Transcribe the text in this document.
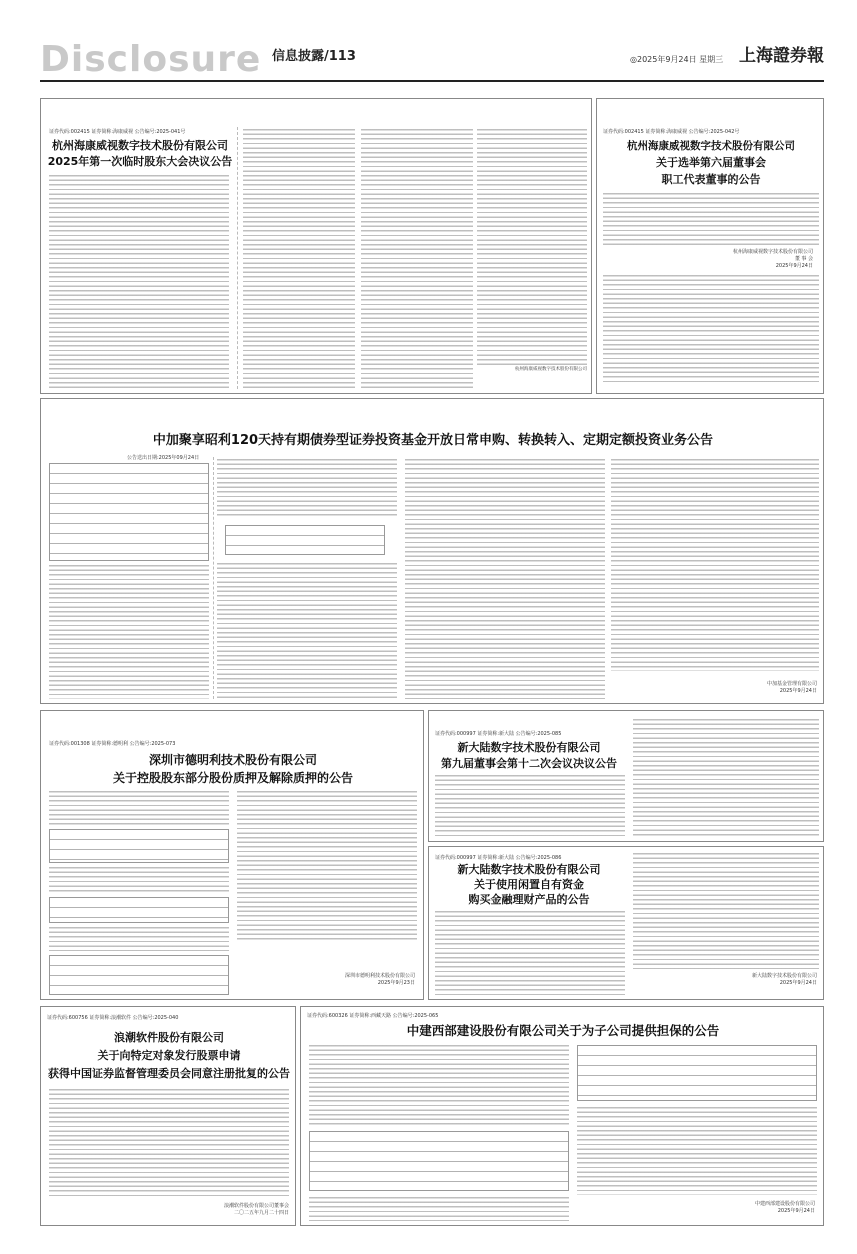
Disclosure 信息披露/113	◎2025年9月24日 星期三 上海證券報
证券代码:002415 证券简称:海康威视 公告编号:2025-041号
杭州海康威视数字技术股份有限公司
2025年第一次临时股东大会决议公告
杭州海康威视数字技术股份有限公司
证券代码:002415 证券简称:海康威视 公告编号:2025-042号
杭州海康威视数字技术股份有限公司
关于选举第六届董事会
职工代表董事的公告
杭州海康威视数字技术股份有限公司
董 事 会
2025年9月24日
中加聚享昭利120天持有期债券型证券投资基金开放日常申购、转换转入、定期定额投资业务公告
公告送出日期:2025年09月24日
中加基金管理有限公司
2025年9月24日
证券代码:001308 证券简称:德明利 公告编号:2025-073
深圳市德明利技术股份有限公司
关于控股股东部分股份质押及解除质押的公告
深圳市德明利技术股份有限公司
2025年9月23日
证券代码:000997 证券简称:新大陆 公告编号:2025-085
新大陆数字技术股份有限公司
第九届董事会第十二次会议决议公告
证券代码:000997 证券简称:新大陆 公告编号:2025-086
新大陆数字技术股份有限公司
关于使用闲置自有资金
购买金融理财产品的公告
新大陆数字技术股份有限公司
2025年9月24日
证券代码:600756 证券简称:浪潮软件 公告编号:2025-040
浪潮软件股份有限公司
关于向特定对象发行股票申请
获得中国证券监督管理委员会同意注册批复的公告
浪潮软件股份有限公司董事会
二〇二五年九月二十四日
证券代码:600326 证券简称:西藏天路 公告编号:2025-065
中建西部建设股份有限公司关于为子公司提供担保的公告
中建西部建设股份有限公司
2025年9月24日
